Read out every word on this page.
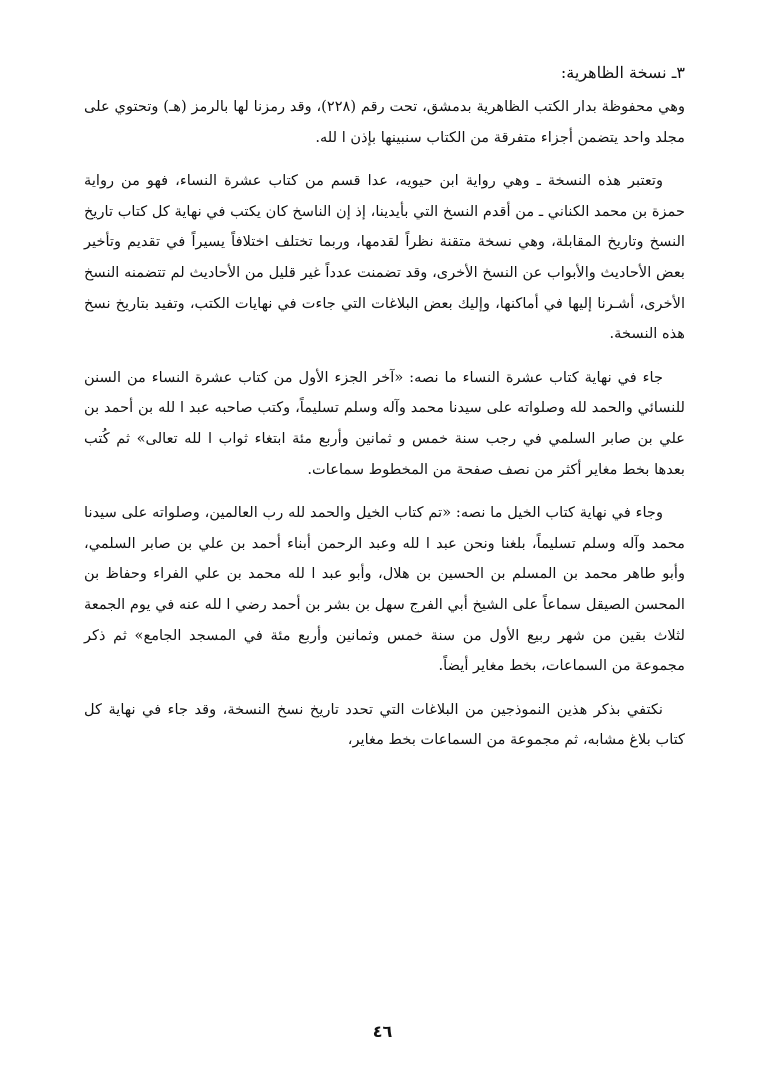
٣ـ نسخة الظاهرية:

وهي محفوظة بدار الكتب الظاهرية بدمشق، تحت رقم (٢٢٨)، وقد رمزنا لها بالرمز (هـ) وتحتوي على مجلد واحد يتضمن أجزاء متفرقة من الكتاب سنبينها بإذن ا لله.

وتعتبر هذه النسخة ـ وهي رواية ابن حيويه، عدا قسم من كتاب عشرة النساء، فهو من رواية حمزة بن محمد الكناني ـ من أقدم النسخ التي بأيدينا، إذ إن الناسخ كان يكتب في نهاية كل كتاب تاريخ النسخ وتاريخ المقابلة، وهي نسخة متقنة نظراً لقدمها، وربما تختلف اختلافاً يسيراً في تقديم وتأخير بعض الأحاديث والأبواب عن النسخ الأخرى، وقد تضمنت عدداً غير قليل من الأحاديث لم تتضمنه النسخ الأخرى، أشـرنا إليها في أماكنها، وإليك بعض البلاغات التي جاءت في نهايات الكتب، وتفيد بتاريخ نسخ هذه النسخة.

جاء في نهاية كتاب عشرة النساء ما نصه: «آخر الجزء الأول من كتاب عشرة النساء من السنن للنسائي والحمد لله وصلواته على سيدنا محمد وآله وسلم تسليماً، وكتب صاحبه عبد ا لله بن أحمد بن علي بن صابر السلمي في رجب سنة خمس و ثمانين وأربع مئة ابتغاء ثواب ا لله تعالى» ثم كُتب بعدها بخط مغاير أكثر من نصف صفحة من المخطوط سماعات.

وجاء في نهاية كتاب الخيل ما نصه: «تم كتاب الخيل والحمد لله رب العالمين، وصلواته على سيدنا محمد وآله وسلم تسليماً، بلغنا ونحن عبد ا لله وعبد الرحمن أبناء أحمد بن علي بن صابر السلمي، وأبو طاهر محمد بن المسلم بن الحسين بن هلال، وأبو عبد ا لله محمد بن علي الفراء وحفاظ بن المحسن الصيقل سماعاً على الشيخ أبي الفرج سهل بن بشر بن أحمد رضي ا لله عنه في يوم الجمعة لثلاث بقين من شهر ربيع الأول من سنة خمس وثمانين وأربع مئة في المسجد الجامع» ثم ذكر مجموعة من السماعات، بخط مغاير أيضاً.

نكتفي بذكر هذين النموذجين من البلاغات التي تحدد تاريخ نسخ النسخة، وقد جاء في نهاية كل كتاب بلاغ مشابه، ثم مجموعة من السماعات بخط مغاير،

٤٦
